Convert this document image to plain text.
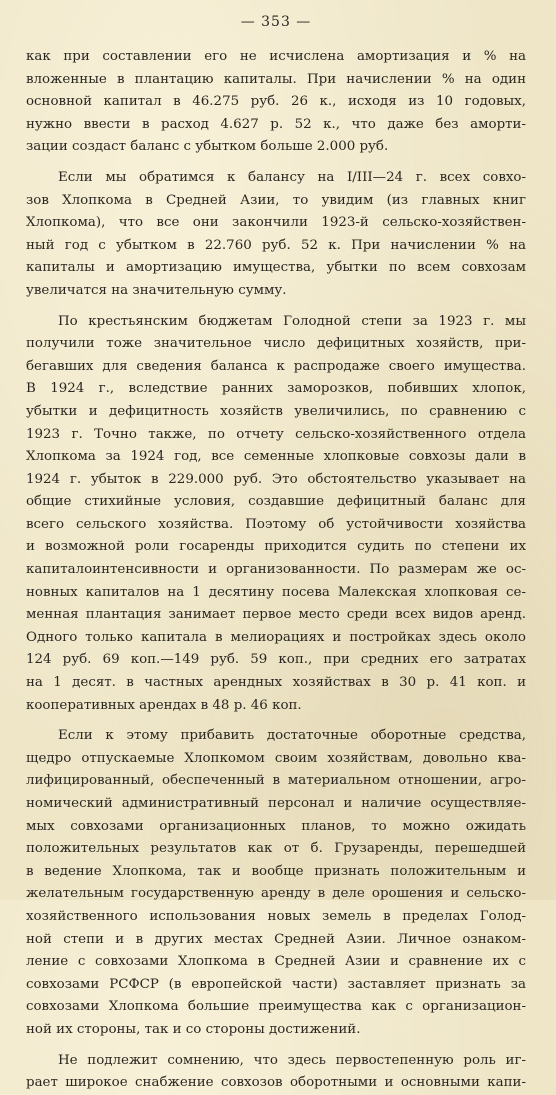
— 353 —
как при составлении его не исчислена амортизация и % на
вложенные в плантацию капиталы. При начислении % на один
основной капитал в 46.275 руб. 26 к., исходя из 10 годовых,
нужно ввести в расход 4.627 р. 52 к., что даже без аморти-
зации создаст баланс с убытком больше 2.000 руб.
Если мы обратимся к балансу на I/III—24 г. всех совхо-
зов Хлопкома в Средней Азии, то увидим (из главных книг
Хлопкома), что все они закончили 1923-й сельско-хозяйствен-
ный год с убытком в 22.760 руб. 52 к. При начислении % на
капиталы и амортизацию имущества, убытки по всем совхозам
увеличатся на значительную сумму.
По крестьянским бюджетам Голодной степи за 1923 г. мы
получили тоже значительное число дефицитных хозяйств, при-
бегавших для сведения баланса к распродаже своего имущества.
В 1924 г., вследствие ранних заморозков, побивших хлопок,
убытки и дефицитность хозяйств увеличились, по сравнению с
1923 г. Точно также, по отчету сельско-хозяйственного отдела
Хлопкома за 1924 год, все семенные хлопковые совхозы дали в
1924 г. убыток в 229.000 руб. Это обстоятельство указывает на
общие стихийные условия, создавшие дефицитный баланс для
всего сельского хозяйства. Поэтому об устойчивости хозяйства
и возможной роли госаренды приходится судить по степени их
капиталоинтенсивности и организованности. По размерам же ос-
новных капиталов на 1 десятину посева Малекская хлопковая се-
менная плантация занимает первое место среди всех видов аренд.
Одного только капитала в мелиорациях и постройках здесь около
124 руб. 69 коп.—149 руб. 59 коп., при средних его затратах
на 1 десят. в частных арендных хозяйствах в 30 р. 41 коп. и
кооперативных арендах в 48 р. 46 коп.
Если к этому прибавить достаточные оборотные средства,
щедро отпускаемые Хлопкомом своим хозяйствам, довольно ква-
лифицированный, обеспеченный в материальном отношении, агро-
номический административный персонал и наличие осуществляе-
мых совхозами организационных планов, то можно ожидать
положительных результатов как от б. Грузаренды, перешедшей
в ведение Хлопкома, так и вообще признать положительным и
желательным государственную аренду в деле орошения и сельско-
хозяйственного использования новых земель в пределах Голод-
ной степи и в других местах Средней Азии. Личное ознаком-
ление с совхозами Хлопкома в Средней Азии и сравнение их с
совхозами РСФСР (в европейской части) заставляет признать за
совхозами Хлопкома большие преимущества как с организацион-
ной их стороны, так и со стороны достижений.
Не подлежит сомнению, что здесь первостепенную роль иг-
рает широкое снабжение совхозов оборотными и основными капи-
